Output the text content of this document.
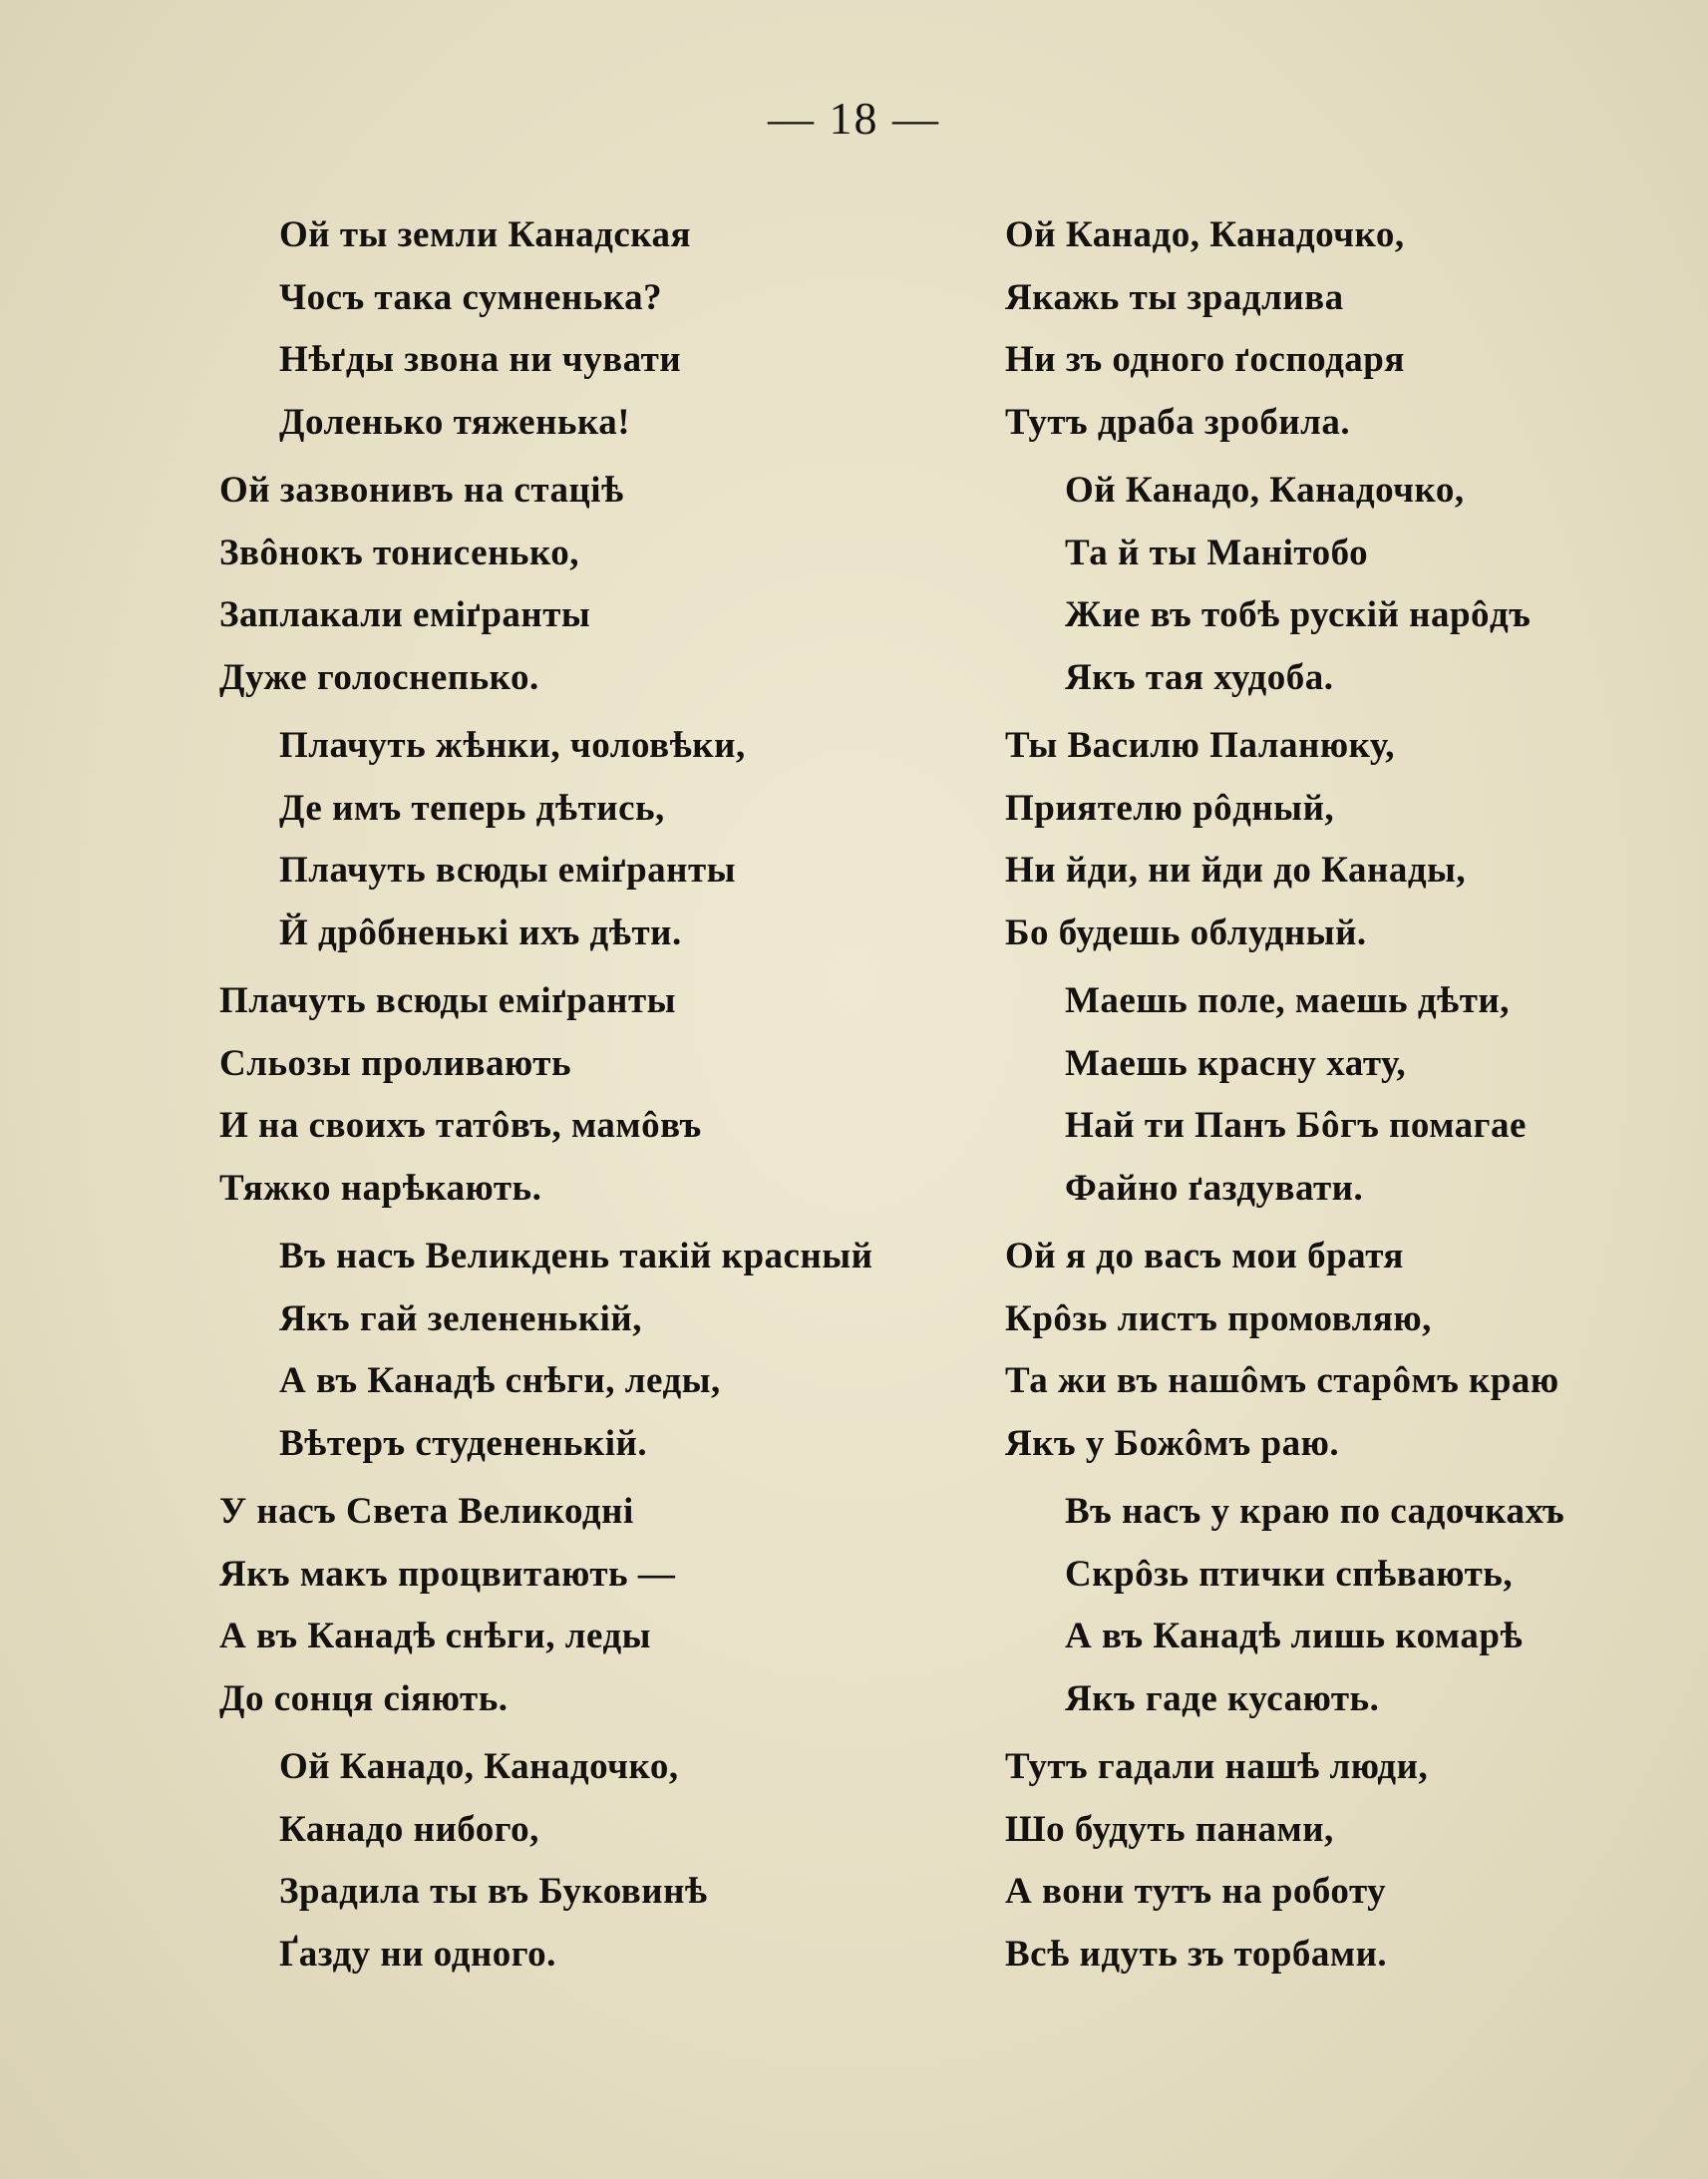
— 18 —
Ой ты земли Канадская
Чосъ така сумненька?
Нѣґды звона ни чувати
Доленько тяженька!
Ой зазвонивъ на стаціѣ
Звôнокъ тонисенько,
Заплакали еміґранты
Дуже голоснепько.
Плачуть жѣнки, чоловѣки,
Де имъ теперь дѣтись,
Плачуть всюды еміґранты
Й дрôбненькі ихъ дѣти.
Плачуть всюды еміґранты
Сльозы проливають
И на своихъ татôвъ, мамôвъ
Тяжко нарѣкають.
Въ насъ Великдень такій красный
Якъ гай зелененькій,
А въ Канадѣ снѣги, леды,
Вѣтеръ студененькій.
У насъ Света Великодні
Якъ макъ процвитають —
А въ Канадѣ снѣги, леды
До сонця сіяють.
Ой Канадо, Канадочко,
Канадо нибого,
Зрадила ты въ Буковинѣ
Ґазду ни одного.
Ой Канадо, Канадочко,
Якажь ты зрадлива
Ни зъ одного ґосподаря
Тутъ драба зробила.
Ой Канадо, Канадочко,
Та й ты Манітобо
Жие въ тобѣ рускій нарôдъ
Якъ тая худоба.
Ты Василю Паланюку,
Приятелю рôдный,
Ни йди, ни йди до Канады,
Бо будешь облудный.
Маешь поле, маешь дѣти,
Маешь красну хату,
Най ти Панъ Бôгъ помагае
Файно ґаздувати.
Ой я до васъ мои братя
Крôзь листъ промовляю,
Та жи въ нашôмъ старôмъ краю
Якъ у Божôмъ раю.
Въ насъ у краю по садочкахъ
Скрôзь птички спѣвають,
А въ Канадѣ лишь комарѣ
Якъ гаде кусають.
Тутъ гадали нашѣ люди,
Шо будуть панами,
А вони тутъ на роботу
Всѣ идуть зъ торбами.
